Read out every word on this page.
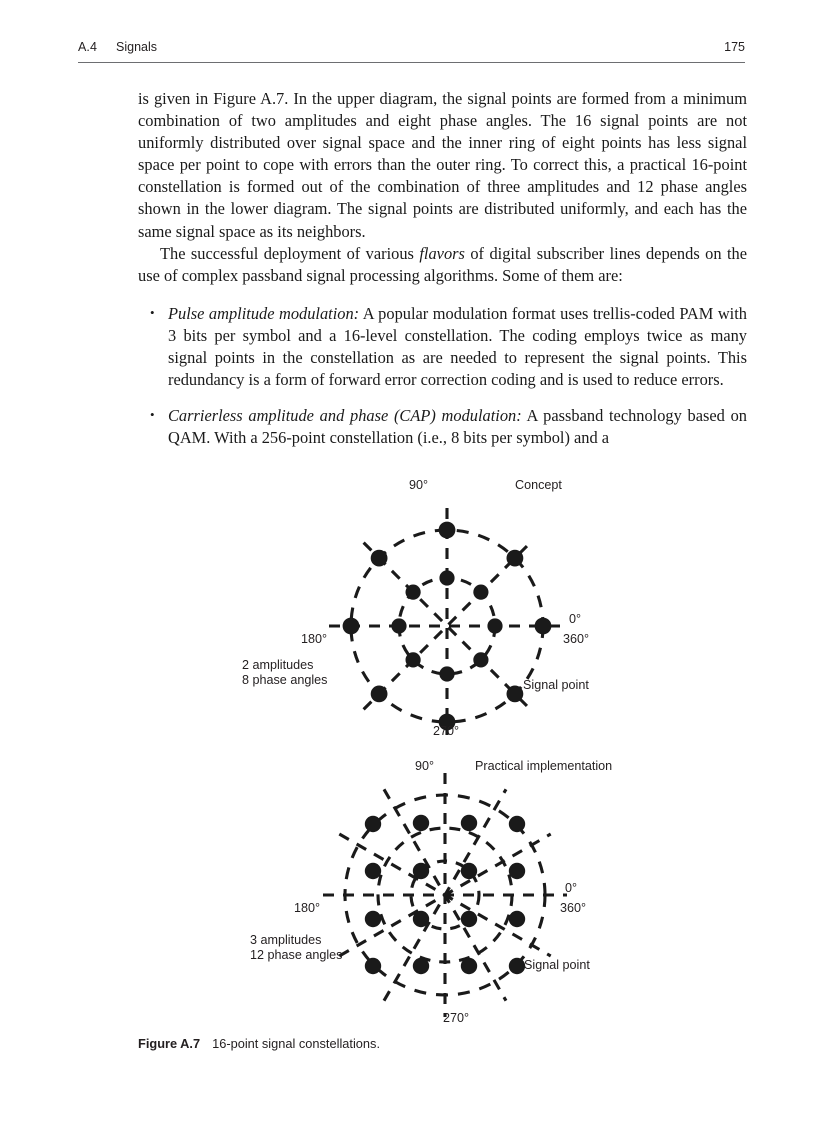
A.4 Signals	175

is given in Figure A.7. In the upper diagram, the signal points are formed from a minimum combination of two amplitudes and eight phase angles. The 16 signal points are not uniformly distributed over signal space and the inner ring of eight points has less signal space per point to cope with errors than the outer ring. To correct this, a practical 16-point constellation is formed out of the combination of three amplitudes and 12 phase angles shown in the lower diagram. The signal points are distributed uniformly, and each has the same signal space as its neighbors.

The successful deployment of various flavors of digital subscriber lines depends on the use of complex passband signal processing algorithms. Some of them are:

• Pulse amplitude modulation: A popular modulation format uses trellis-coded PAM with 3 bits per symbol and a 16-level constellation. The coding employs twice as many signal points in the constellation as are needed to represent the signal points. This redundancy is a form of forward error correction coding and is used to reduce errors.
• Carrierless amplitude and phase (CAP) modulation: A passband technology based on QAM. With a 256-point constellation (i.e., 8 bits per symbol) and a
90°	Concept
0°
360°
180°
270°
2 amplitudes
8 phase angles	Signal point
90°	Practical implementation
0°
360°
180°
270°
3 amplitudes
12 phase angles
Signal point
Figure A.7 16-point signal constellations.
